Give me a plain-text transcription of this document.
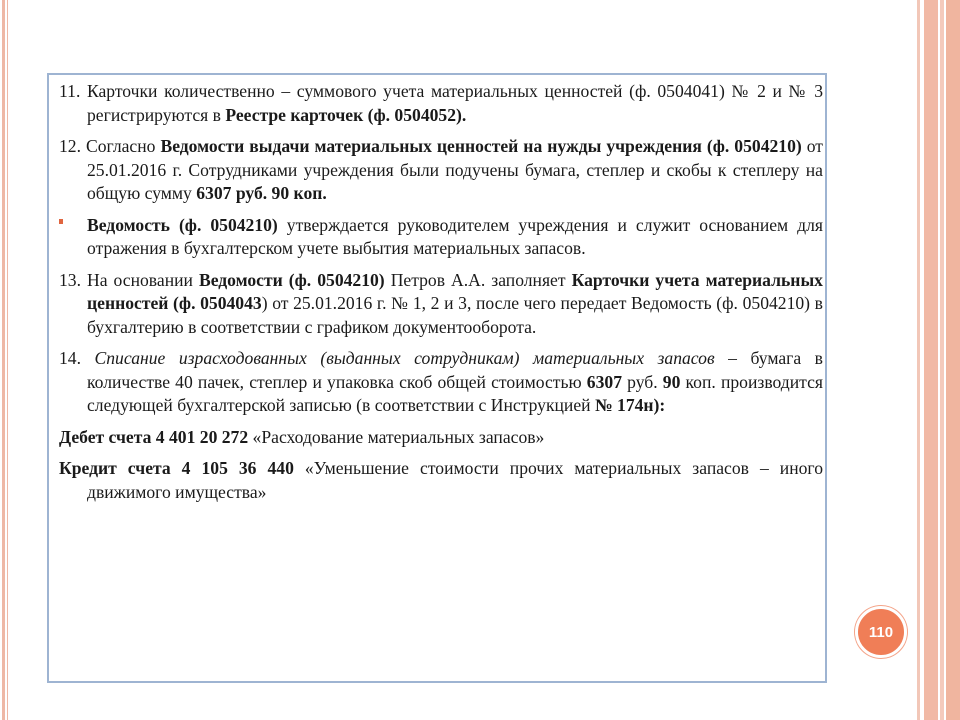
11. Карточки количественно – суммового учета материальных ценностей (ф. 0504041) № 2 и № 3 регистрируются в Реестре карточек (ф. 0504052).

12. Согласно Ведомости выдачи материальных ценностей на нужды учреждения (ф. 0504210) от 25.01.2016 г. Сотрудниками учреждения были подучены бумага, степлер и скобы к степлеру на общую сумму 6307 руб. 90 коп.

Ведомость (ф. 0504210) утверждается руководителем учреждения и служит основанием для отражения в бухгалтерском учете выбытия материальных запасов.

13. На основании Ведомости (ф. 0504210) Петров А.А. заполняет Карточки учета материальных ценностей (ф. 0504043) от 25.01.2016 г. № 1, 2 и 3, после чего передает Ведомость (ф. 0504210) в бухгалтерию в соответствии с графиком документооборота.

14. Списание израсходованных (выданных сотрудникам) материальных запасов – бумага в количестве 40 пачек, степлер и упаковка скоб общей стоимостью 6307 руб. 90 коп. производится следующей бухгалтерской записью (в соответствии с Инструкцией № 174н):

Дебет счета 4 401 20 272 «Расходование материальных запасов»

Кредит счета 4 105 36 440 «Уменьшение стоимости прочих материальных запасов – иного движимого имущества»

110
